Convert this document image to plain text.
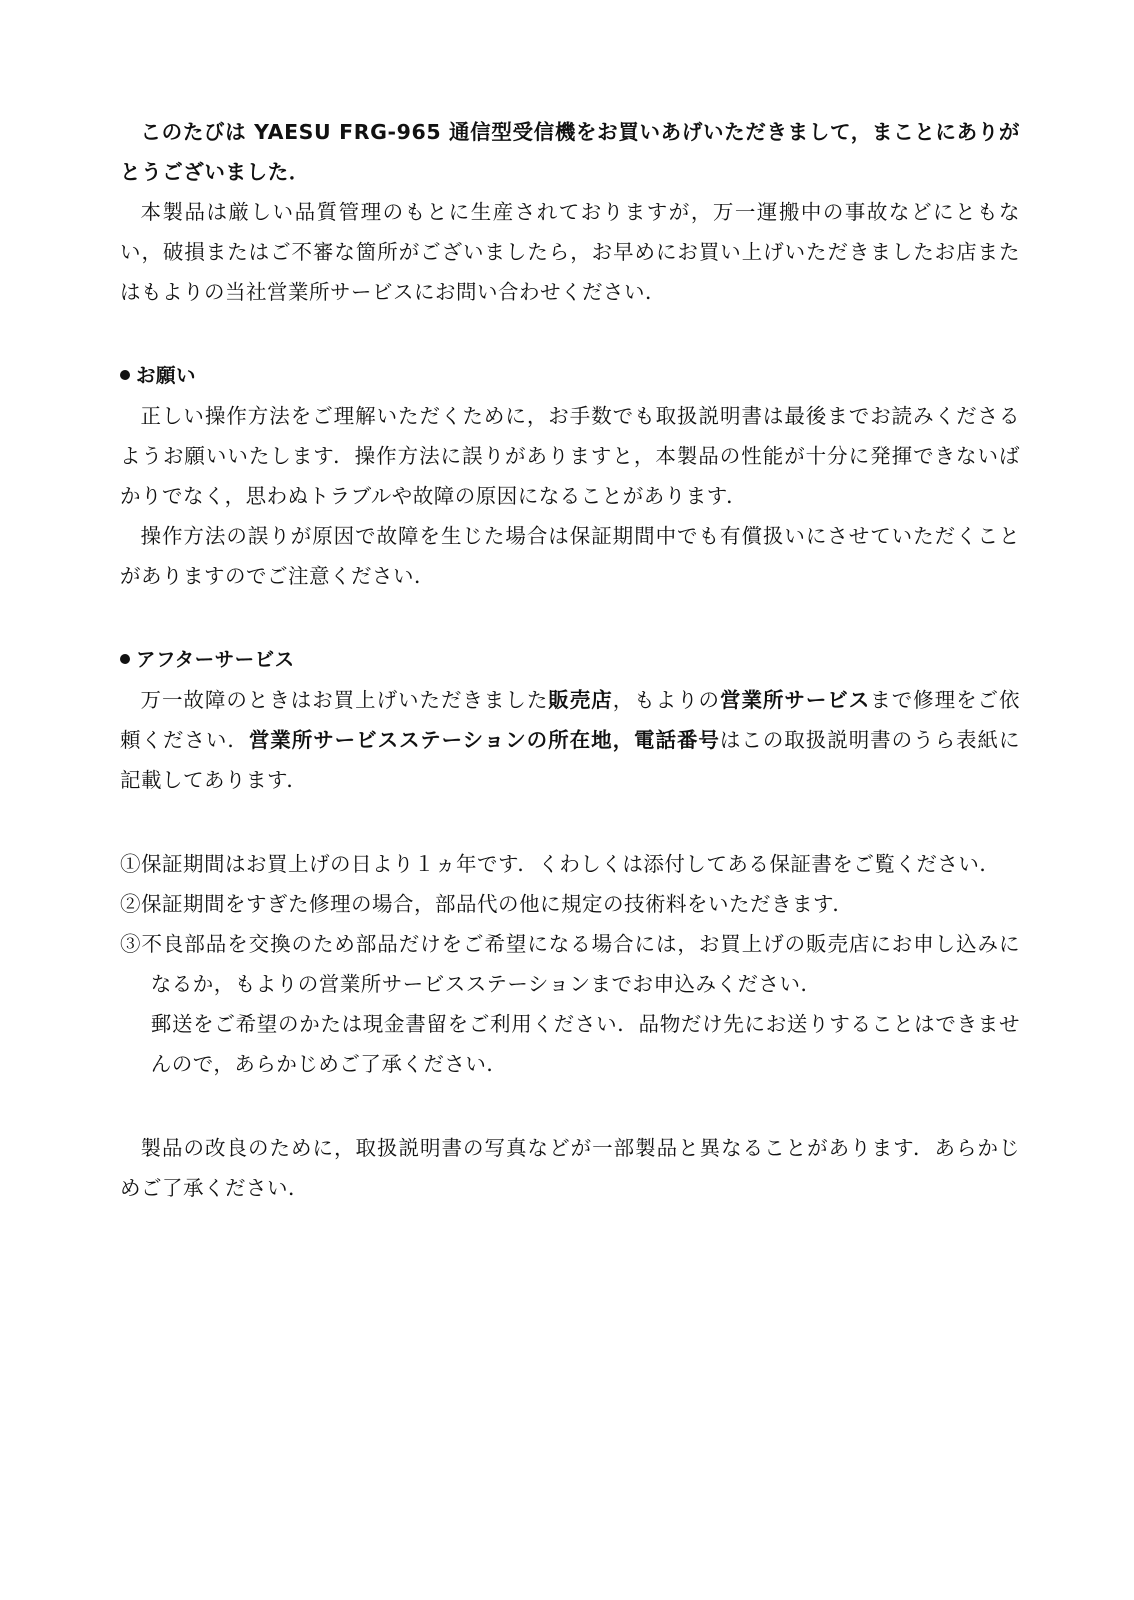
このたびは YAESU FRG-965 通信型受信機をお買いあげいただきまして，まことにありがとうございました．

本製品は厳しい品質管理のもとに生産されておりますが，万一運搬中の事故などにともない，破損またはご不審な箇所がございましたら，お早めにお買い上げいただきましたお店またはもよりの当社営業所サービスにお問い合わせください．

お願い

正しい操作方法をご理解いただくために，お手数でも取扱説明書は最後までお読みくださるようお願いいたします．操作方法に誤りがありますと，本製品の性能が十分に発揮できないばかりでなく，思わぬトラブルや故障の原因になることがあります．

操作方法の誤りが原因で故障を生じた場合は保証期間中でも有償扱いにさせていただくことがありますのでご注意ください．

アフターサービス

万一故障のときはお買上げいただきました販売店，もよりの営業所サービスまで修理をご依頼ください．営業所サービスステーションの所在地，電話番号はこの取扱説明書のうら表紙に記載してあります．

①保証期間はお買上げの日より１ヵ年です．くわしくは添付してある保証書をご覧ください．

②保証期間をすぎた修理の場合，部品代の他に規定の技術料をいただきます．

③不良部品を交換のため部品だけをご希望になる場合には，お買上げの販売店にお申し込みになるか，もよりの営業所サービスステーションまでお申込みください．

郵送をご希望のかたは現金書留をご利用ください．品物だけ先にお送りすることはできませんので，あらかじめご了承ください．

製品の改良のために，取扱説明書の写真などが一部製品と異なることがあります．あらかじめご了承ください．
